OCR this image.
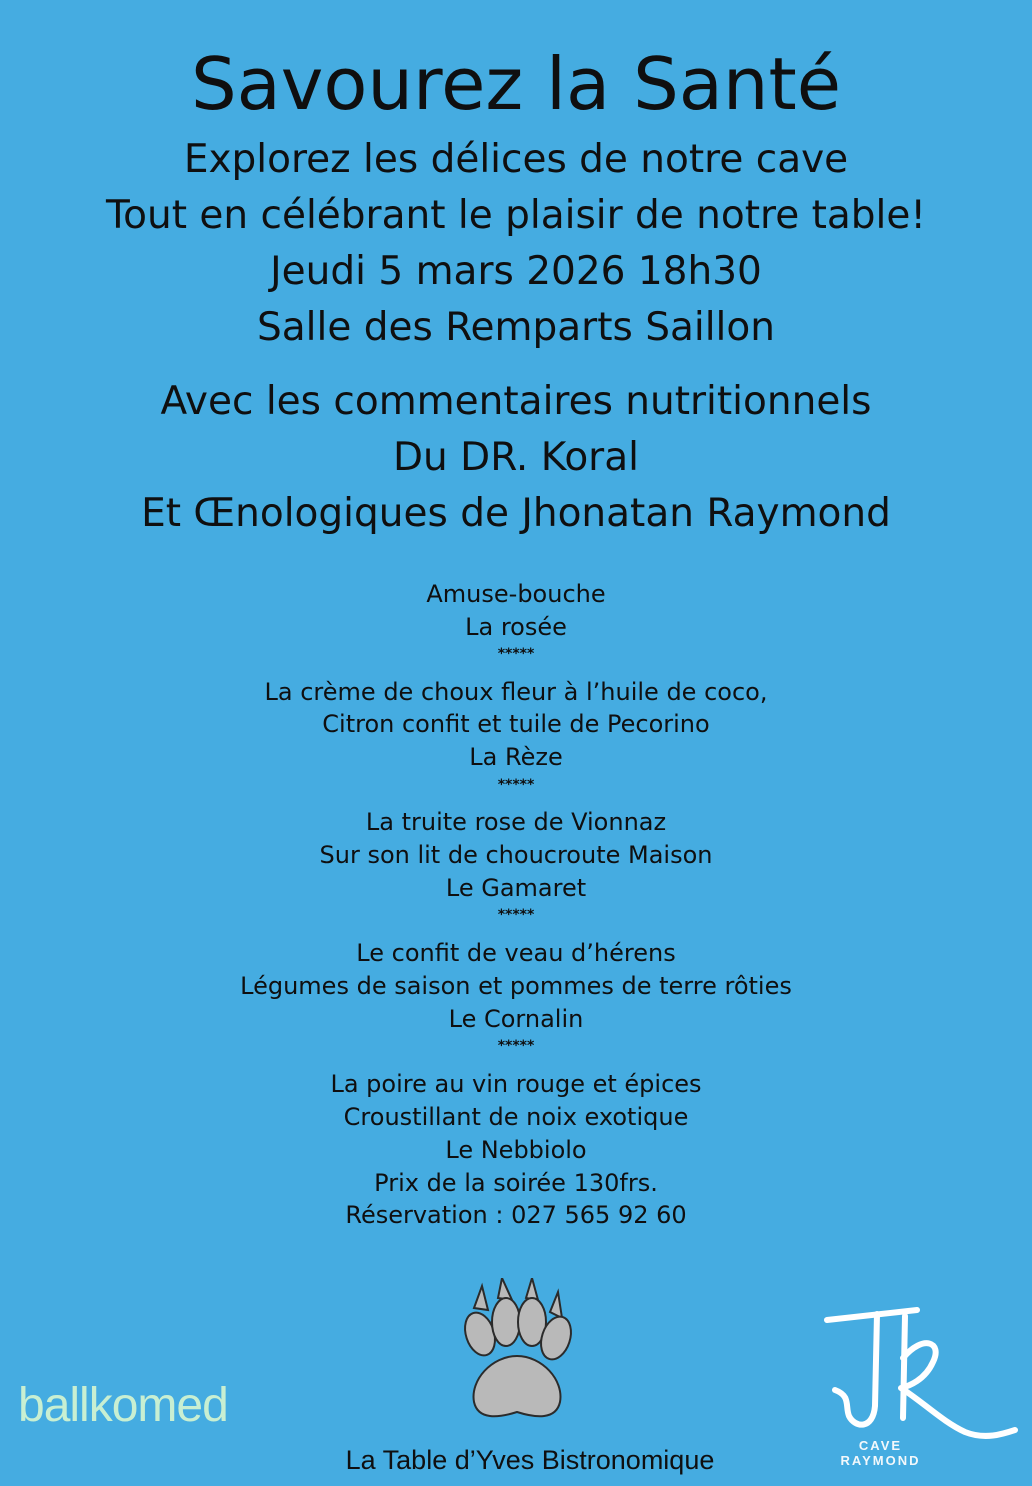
Savourez la Santé
Explorez les délices de notre cave
Tout en célébrant le plaisir de notre table!
Jeudi 5 mars 2026 18h30
Salle des Remparts Saillon
Avec les commentaires nutritionnels
Du DR. Koral
Et Œnologiques de Jhonatan Raymond
Amuse-bouche
La rosée
*****
La crème de choux fleur à l’huile de coco,
Citron confit et tuile de Pecorino
La Rèze
*****
La truite rose de Vionnaz
Sur son lit de choucroute Maison
Le Gamaret
*****
Le confit de veau d’hérens
Légumes de saison et pommes de terre rôties
Le Cornalin
*****
La poire au vin rouge et épices
Croustillant de noix exotique
Le Nebbiolo
Prix de la soirée 130frs.
Réservation : 027 565 92 60
ballkomed
CAVE RAYMOND
La Table d’Yves Bistronomique
